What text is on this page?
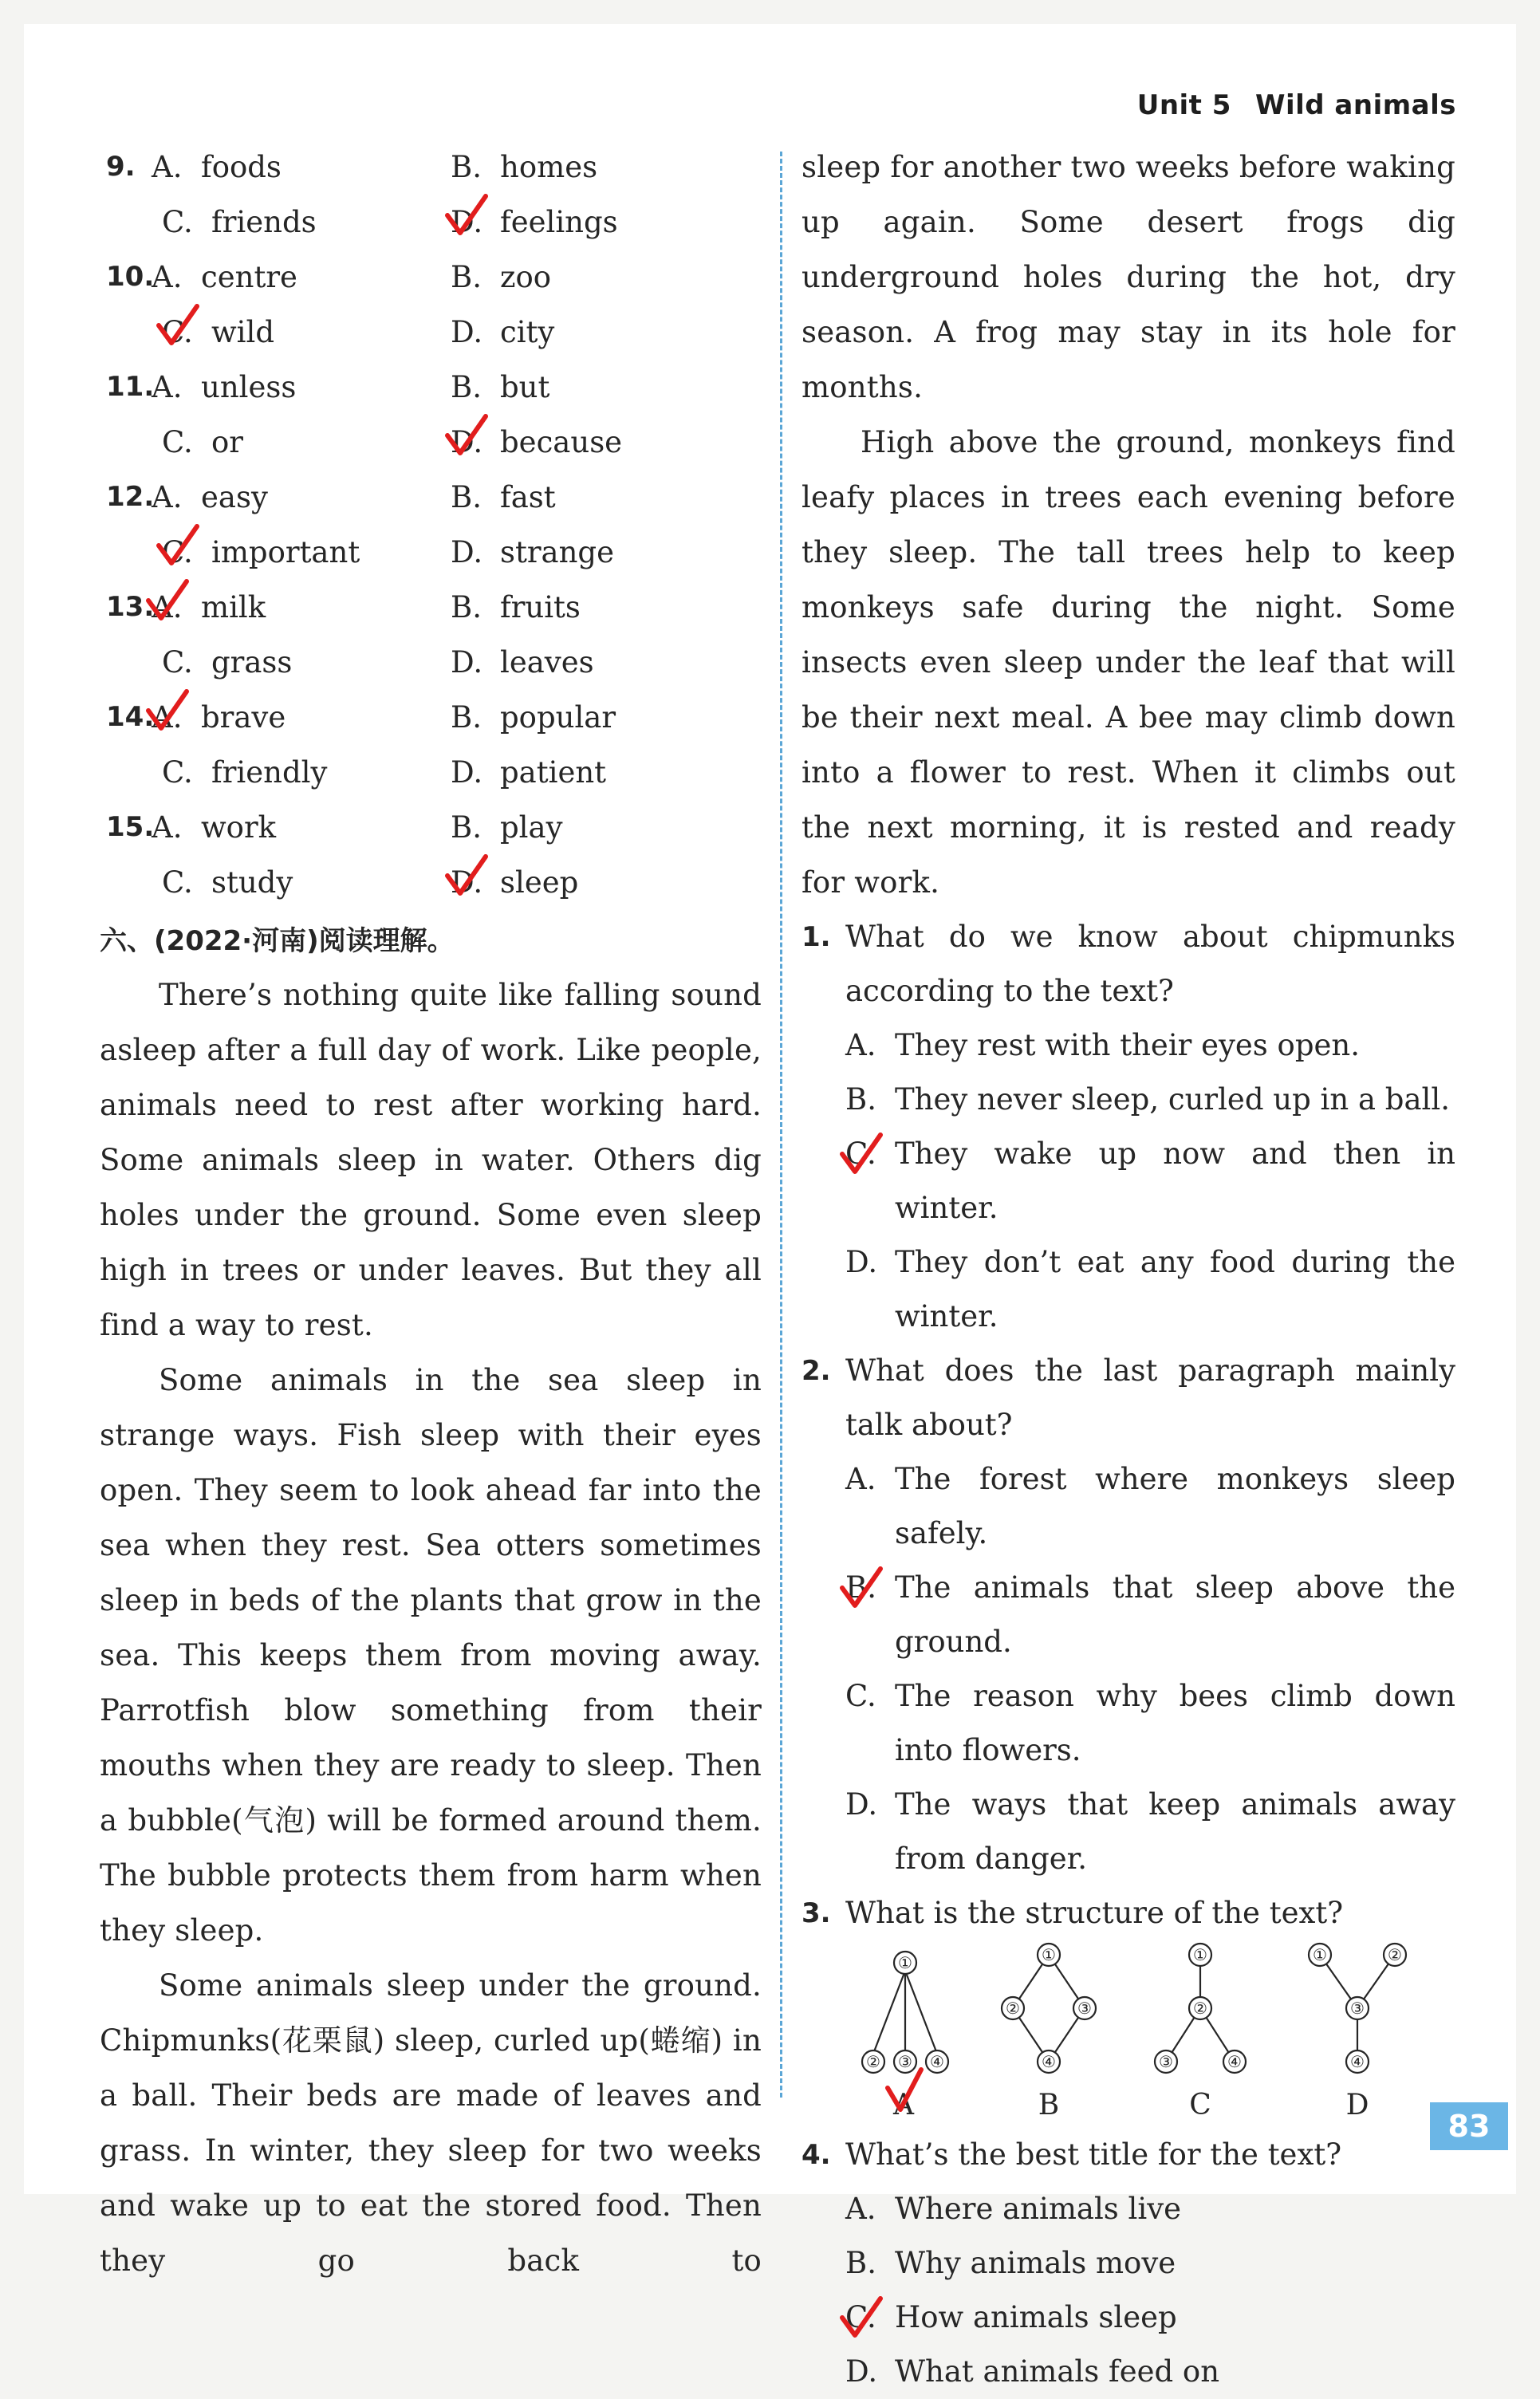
Unit 5 Wild animals
9. A. foods	B. homes
C. friends	D. feelings
10.
A. centre	B. zoo
C. wild	D. city
11.
A. unless	B. but
C. or	D. because
12.
A. easy	B. fast
C. important	D. strange
13.
A. milk	B. fruits
C. grass	D. leaves
14.
A. brave	B. popular
C. friendly	D. patient
15.
A. work	B. play
C. study	D. sleep
六、(2022·河南)阅读理解。

There’s nothing quite like falling sound asleep after a full day of work. Like people, animals need to rest after working hard. Some animals sleep in water. Others dig holes under the ground. Some even sleep high in trees or under leaves. But they all find a way to rest.

Some animals in the sea sleep in strange ways. Fish sleep with their eyes open. They seem to look ahead far into the sea when they rest. Sea otters sometimes sleep in beds of the plants that grow in the sea. This keeps them from moving away. Parrotfish blow something from their mouths when they are ready to sleep. Then a bubble(气泡) will be formed around them. The bubble protects them from harm when they sleep.

Some animals sleep under the ground. Chipmunks(花栗鼠) sleep, curled up(蜷缩) in a ball. Their beds are made of leaves and grass. In winter, they sleep for two weeks and wake up to eat the stored food. Then they go back to

sleep for another two weeks before waking up again. Some desert frogs dig underground holes during the hot, dry season. A frog may stay in its hole for months.

High above the ground, monkeys find leafy places in trees each evening before they sleep. The tall trees help to keep monkeys safe during the night. Some insects even sleep under the leaf that will be their next meal. A bee may climb down into a flower to rest. When it climbs out the next morning, it is rested and ready for work.

1. What do we know about chipmunks according to the text?
A. They rest with their eyes open.
B. They never sleep, curled up in a ball.
C. They wake up now and then in winter.
D. They don’t eat any food during the winter.
2. What does the last paragraph mainly talk about?
A. The forest where monkeys sleep safely.
B. The animals that sleep above the ground.
C. The reason why bees climb down into flowers.
D. The ways that keep animals away from danger.
3. What is the structure of the text?
①
② ③ ④
A
①
②	③
④
B
①
②
③	④
C
①	②
③
④
D
4. What’s the best title for the text?
A. Where animals live
B. Why animals move
C. How animals sleep
D. What animals feed on
83
